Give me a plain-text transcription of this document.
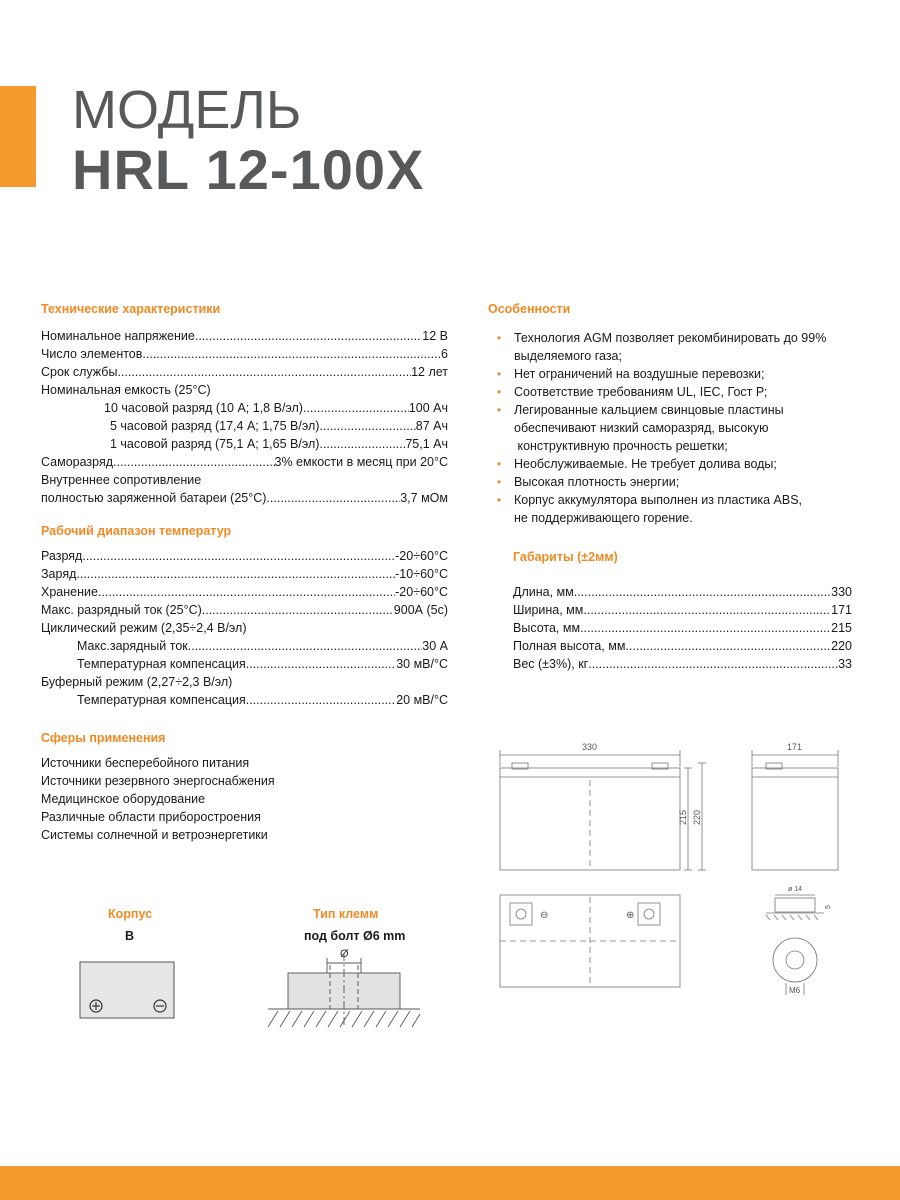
МОДЕЛЬ
HRL 12-100X
Технические характеристики
Номинальное напряжение .....	12 В
Число элементов .....	6
Срок службы .....	12 лет
Номинальная емкость (25°С)
10 часовой разряд (10 А; 1,8 В/эл) .....	100 Ач
5 часовой разряд (17,4 А; 1,75 В/эл) .....	87 Ач
1 часовой разряд (75,1 А; 1,65 В/эл) .....	75,1 Ач
Саморазряд .....	3% емкости в месяц при 20°С
Внутреннее сопротивление
полностью заряженной батареи (25°С) .....	3,7 мОм
Рабочий диапазон температур
Разряд .....	-20÷60°С
Заряд .....	-10÷60°С
Хранение .....	-20÷60°С
Макс. разрядный ток (25°С) .....	900А (5с)
Циклический режим (2,35÷2,4 В/эл)
Макс.зарядный ток .....	30 А
Температурная компенсация .....	30 мВ/°С
Буферный режим (2,27÷2,3 В/эл)
Температурная компенсация .....	20 мВ/°С
Сферы применения
Источники бесперебойного питания
Источники резервного энергоснабжения
Медицинское оборудование
Различные области приборостроения
Системы солнечной и ветроэнергетики
Особенности
• Технология AGM позволяет рекомбинировать до 99%
выделяемого газа;
• Нет ограничений на воздушные перевозки;
• Соответствие требованиям UL, IEC, Гост Р;
• Легированные кальцием свинцовые пластины
обеспечивают низкий саморазряд, высокую
конструктивную прочность решетки;
• Необслуживаемые. Не требует долива воды;
• Высокая плотность энергии;
• Корпус аккумулятора выполнен из пластика ABS,
не поддерживающего горение.
Габариты (±2мм)
Длина, мм .....	330
Ширина, мм .....	171
Высота, мм .....	215
Полная высота, мм .....	220
Вес (±3%), кг .....	33
330	171
215 220
ø 14
5
M6
⊖	⊕
Корпус
B
Тип клемм
под болт Ø6 mm
Ø
